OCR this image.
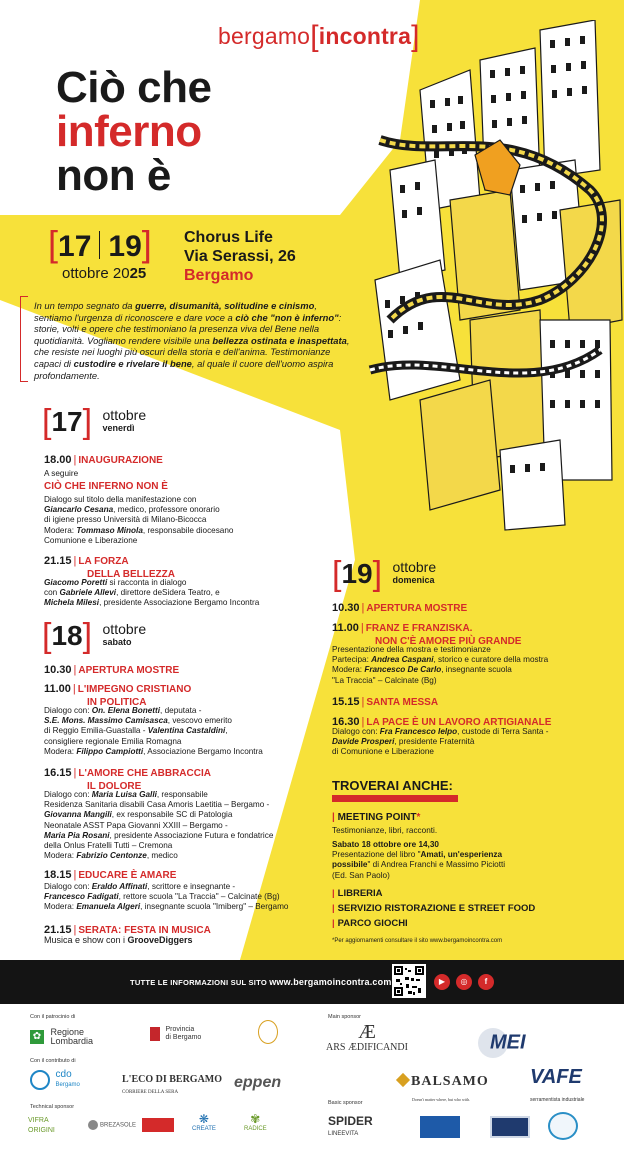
bergamo[incontra]
Ciò che
inferno
non è
[17 19]
ottobre 2025
Chorus Life
Via Serassi, 26
Bergamo
In un tempo segnato da guerre, disumanità, solitudine e cinismo, sentiamo l'urgenza di riconoscere e dare voce a ciò che "non è inferno": storie, volti e opere che testimoniano la presenza viva del Bene nella quotidianità. Vogliamo rendere visibile una bellezza ostinata e inaspettata, che resiste nei luoghi più oscuri della storia e dell'anima. Testimonianze capaci di custodire e rivelare il bene, al quale il cuore dell'uomo aspira profondamente.
[17] ottobre
venerdì
18.00 | INAUGURAZIONE
A seguire
CIÒ CHE INFERNO NON È
Dialogo sul titolo della manifestazione con
Giancarlo Cesana, medico, professore onorario
di igiene presso Università di Milano-Bicocca
Modera: Tommaso Minola, responsabile diocesano
Comunione e Liberazione
21.15 | LA FORZA
DELLA BELLEZZA
Giacomo Poretti si racconta in dialogo
con Gabriele Allevi, direttore deSidera Teatro, e
Michela Milesi, presidente Associazione Bergamo Incontra
[18] ottobre
sabato
10.30 | APERTURA MOSTRE
11.00 | L'IMPEGNO CRISTIANO
IN POLITICA
Dialogo con: On. Elena Bonetti, deputata -
S.E. Mons. Massimo Camisasca, vescovo emerito
di Reggio Emilia-Guastalla - Valentina Castaldini,
consigliere regionale Emilia Romagna
Modera: Filippo Campiotti, Associazione Bergamo Incontra
16.15 | L'AMORE CHE ABBRACCIA
IL DOLORE
Dialogo con: Maria Luisa Galli, responsabile
Residenza Sanitaria disabili Casa Amoris Laetitia – Bergamo -
Giovanna Mangili, ex responsabile SC di Patologia
Neonatale ASST Papa Giovanni XXIII – Bergamo -
Maria Pia Rosani, presidente Associazione Futura e fondatrice
della Onlus Fratelli Tutti – Cremona
Modera: Fabrizio Centonze, medico
18.15 | EDUCARE È AMARE
Dialogo con: Eraldo Affinati, scrittore e insegnante -
Francesco Fadigati, rettore scuola "La Traccia" – Calcinate (Bg)
Modera: Emanuela Algeri, insegnante scuola "Imiberg" – Bergamo
21.15 | SERATA: FESTA IN MUSICA
Musica e show con i GrooveDiggers
[19] ottobre
domenica
10.30 | APERTURA MOSTRE
11.00 | FRANZ E FRANZISKA.
NON C'È AMORE PIÙ GRANDE
Presentazione della mostra e testimonianze
Partecipa: Andrea Caspani, storico e curatore della mostra
Modera: Francesco De Carlo, insegnante scuola
"La Traccia" – Calcinate (Bg)
15.15 | SANTA MESSA
16.30 | LA PACE È UN LAVORO ARTIGIANALE
Dialogo con: Fra Francesco Ielpo, custode di Terra Santa -
Davide Prosperi, presidente Fraternità
di Comunione e Liberazione
TROVERAI ANCHE:
| MEETING POINT*
Testimonianze, libri, racconti.
Sabato 18 ottobre ore 14,30
Presentazione del libro "Amati, un'esperienza
possibile" di Andrea Franchi e Massimo Piciotti
(Ed. San Paolo)
| LIBRERIA
| SERVIZIO RISTORAZIONE E STREET FOOD
| PARCO GIOCHI
*Per aggiornamenti consultare il sito www.bergamoincontra.com
TUTTE LE INFORMAZIONI SUL SITO www.bergamoincontra.com	▶	◎	f
Con il patrocinio di
✿ Regione
Lombardia
Provincia
di Bergamo
Con il contributo di
cdo
Bergamo	L'ECO DI BERGAMO
CORRIERE DELLA SERA
eppen
Technical sponsor
VIFRA
ORIGINI
BREZASOLE	❋
CREATE
✾
RADICE
Main sponsor
Æ
ARS ÆDIFICANDI	MEI
BALSAMO
Doesn't matter where, but who with.
VAFE
serramentista industriale
Basic sponsor
SPIDER
LINEEVITA
